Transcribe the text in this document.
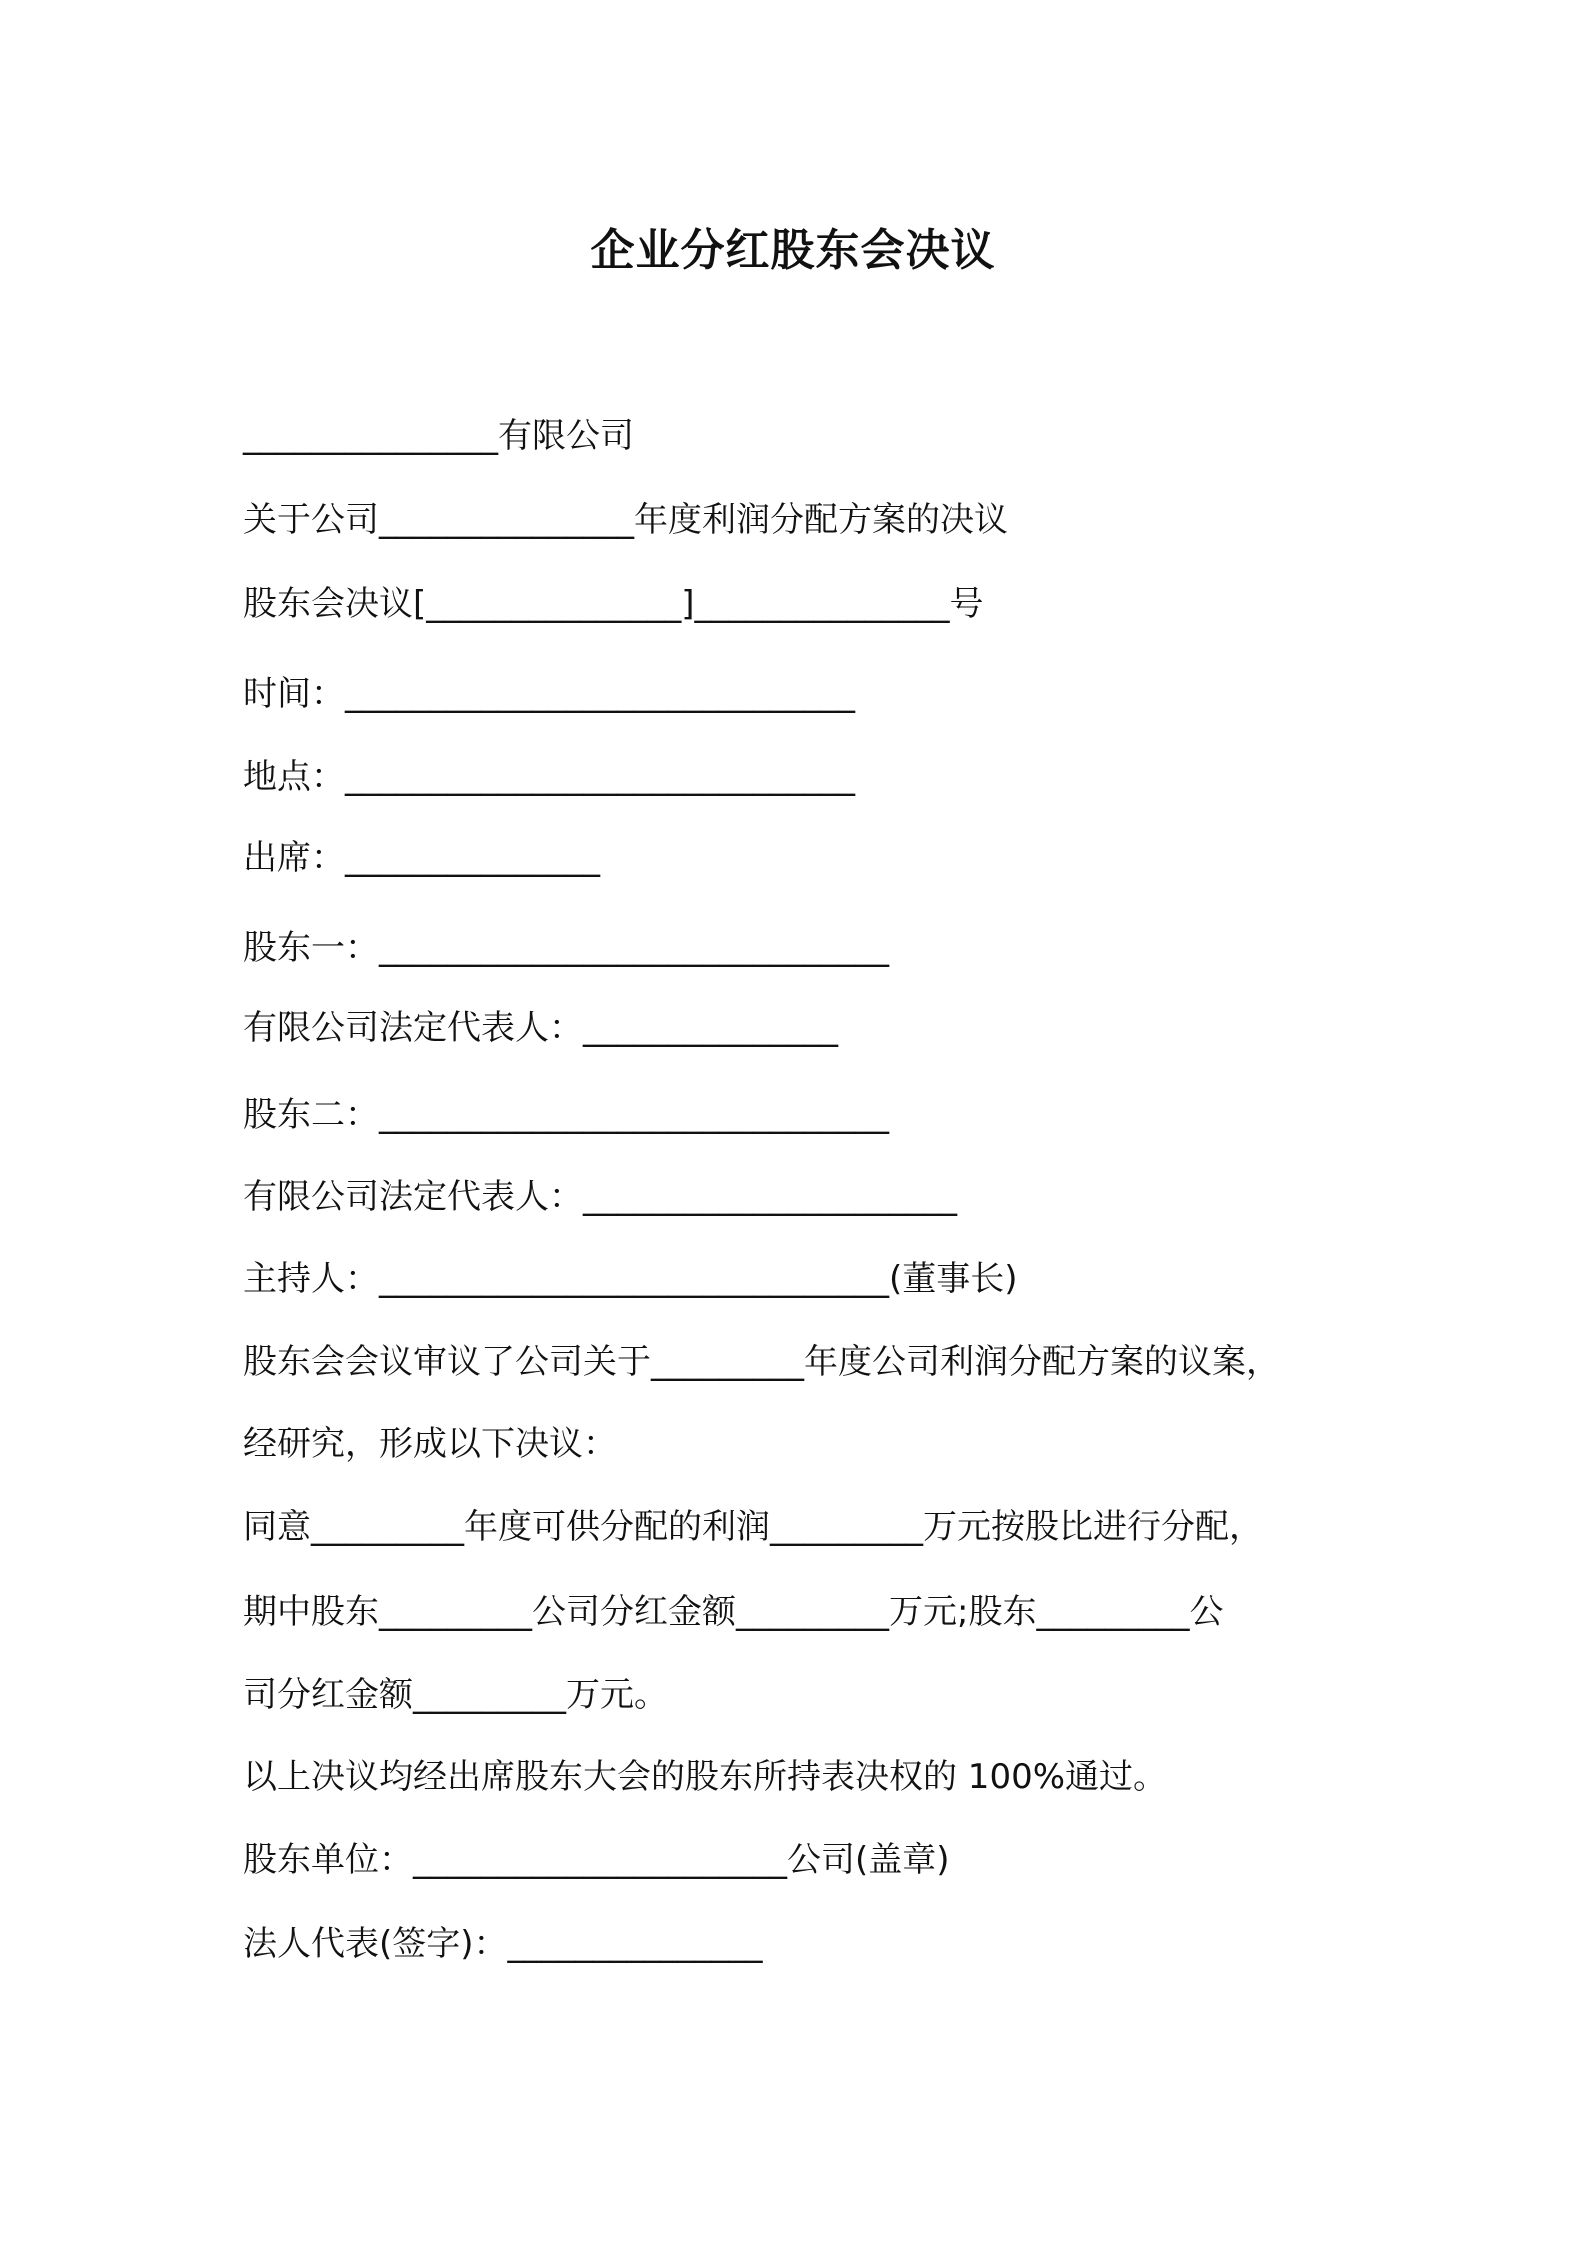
企业分红股东会决议
_______________有限公司
关于公司_______________年度利润分配方案的决议
股东会决议[_______________]_______________号
时间：______________________________
地点：______________________________
出席：_______________
股东一：______________________________
有限公司法定代表人：_______________
股东二：______________________________
有限公司法定代表人：______________________
主持人：______________________________(董事长)
股东会会议审议了公司关于_________年度公司利润分配方案的议案，
经研究，形成以下决议：
同意_________年度可供分配的利润_________万元按股比进行分配，
期中股东_________公司分红金额_________万元;股东_________公
司分红金额_________万元。
以上决议均经出席股东大会的股东所持表决权的 100%通过。
股东单位：______________________公司(盖章)
法人代表(签字)：_______________
